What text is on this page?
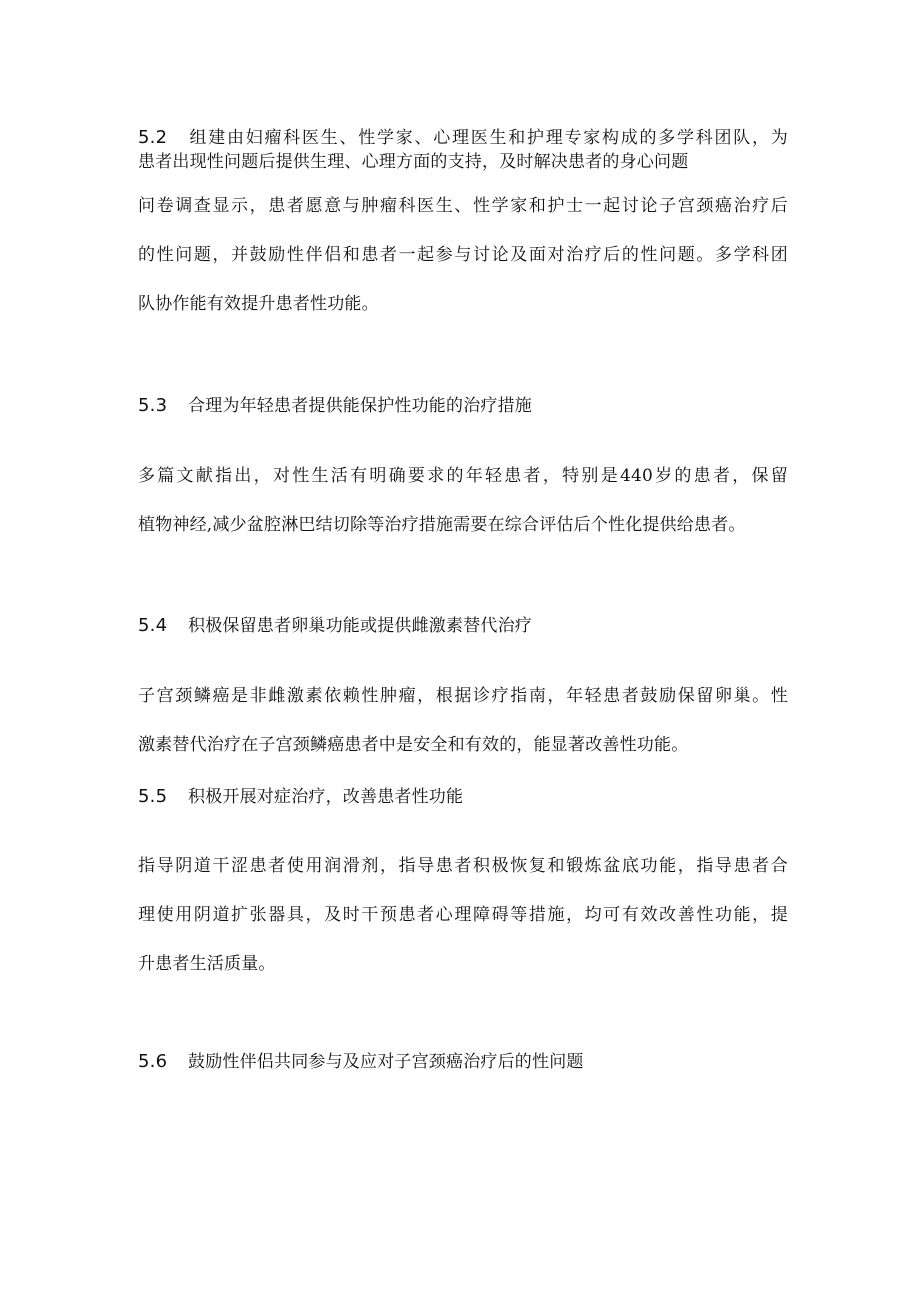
5.2 组建由妇瘤科医生、性学家、心理医生和护理专家构成的多学科团队，为
患者出现性问题后提供生理、心理方面的支持，及时解决患者的身心问题
问卷调查显示，患者愿意与肿瘤科医生、性学家和护士一起讨论子宫颈癌治疗后
的性问题，并鼓励性伴侣和患者一起参与讨论及面对治疗后的性问题。多学科团
队协作能有效提升患者性功能。
5.3 合理为年轻患者提供能保护性功能的治疗措施
多篇文献指出，对性生活有明确要求的年轻患者，特别是440岁的患者，保留
植物神经,减少盆腔淋巴结切除等治疗措施需要在综合评估后个性化提供给患者。
5.4 积极保留患者卵巢功能或提供雌激素替代治疗
子宫颈鳞癌是非雌激素依赖性肿瘤，根据诊疗指南，年轻患者鼓励保留卵巢。性
激素替代治疗在子宫颈鳞癌患者中是安全和有效的，能显著改善性功能。
5.5 积极开展对症治疗，改善患者性功能
指导阴道干涩患者使用润滑剂，指导患者积极恢复和锻炼盆底功能，指导患者合
理使用阴道扩张器具，及时干预患者心理障碍等措施，均可有效改善性功能，提
升患者生活质量。
5.6 鼓励性伴侣共同参与及应对子宫颈癌治疗后的性问题
